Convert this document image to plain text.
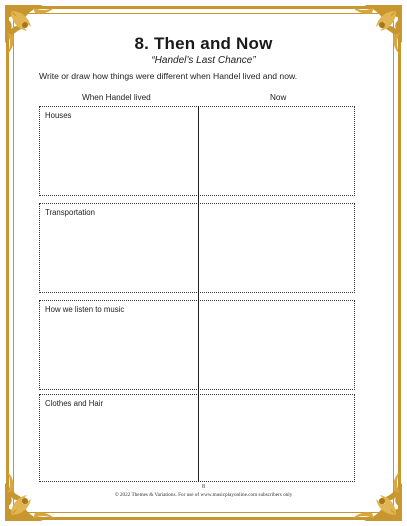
8. Then and Now
“Handel’s Last Chance”
Write or draw how things were different when Handel lived and now.
When Handel lived	Now
Houses
Transportation
How we listen to music
Clothes and Hair
8
© 2022 Themes & Variations. For use of www.musicplayonline.com subscribers only
